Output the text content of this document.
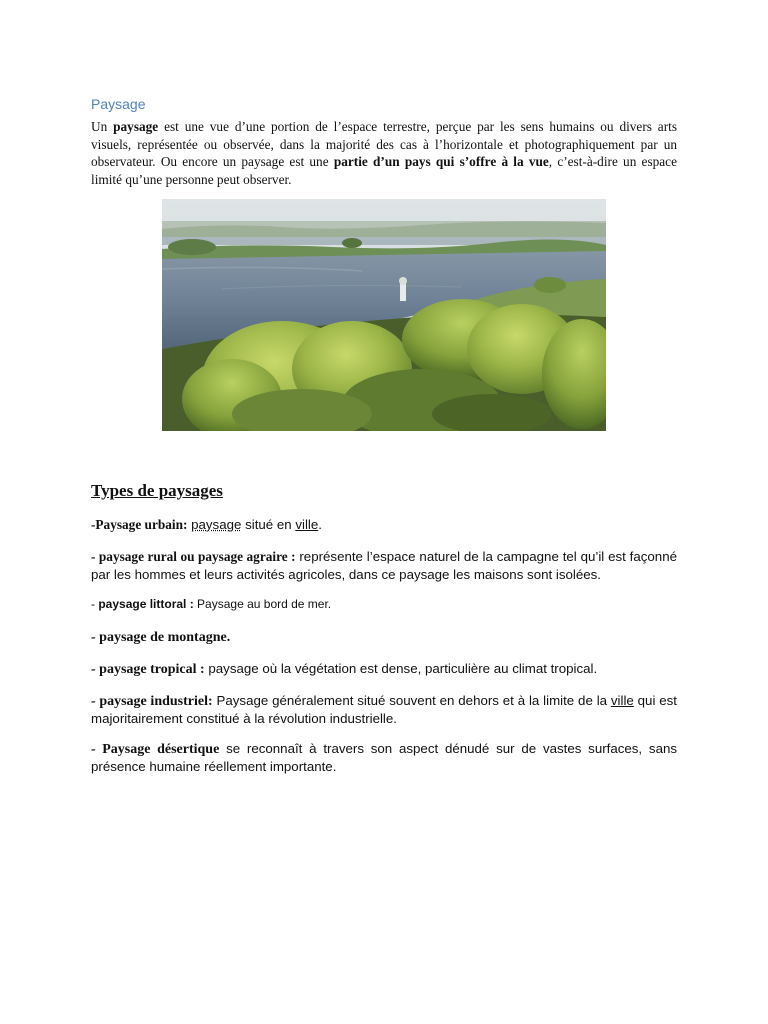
Paysage
Un paysage est une vue d’une portion de l’espace terrestre, perçue par les sens humains ou divers arts visuels, représentée ou observée, dans la majorité des cas à l’horizontale et photographiquement par un observateur. Ou encore un paysage est une partie d’un pays qui s’offre à la vue, c’est-à-dire un espace limité qu’une personne peut observer.
Types de paysages
-Paysage urbain: paysage situé en ville.
- paysage rural ou paysage agraire : représente l’espace naturel de la campagne tel qu’il est façonné par les hommes et leurs activités agricoles, dans ce paysage les maisons sont isolées.
- paysage littoral : Paysage au bord de mer.
- paysage de montagne.
- paysage tropical : paysage où la végétation est dense, particulière au climat tropical.
- paysage industriel: Paysage généralement situé souvent en dehors et à la limite de la ville qui est majoritairement constitué à la révolution industrielle.
- Paysage désertique se reconnaît à travers son aspect dénudé sur de vastes surfaces, sans présence humaine réellement importante.
